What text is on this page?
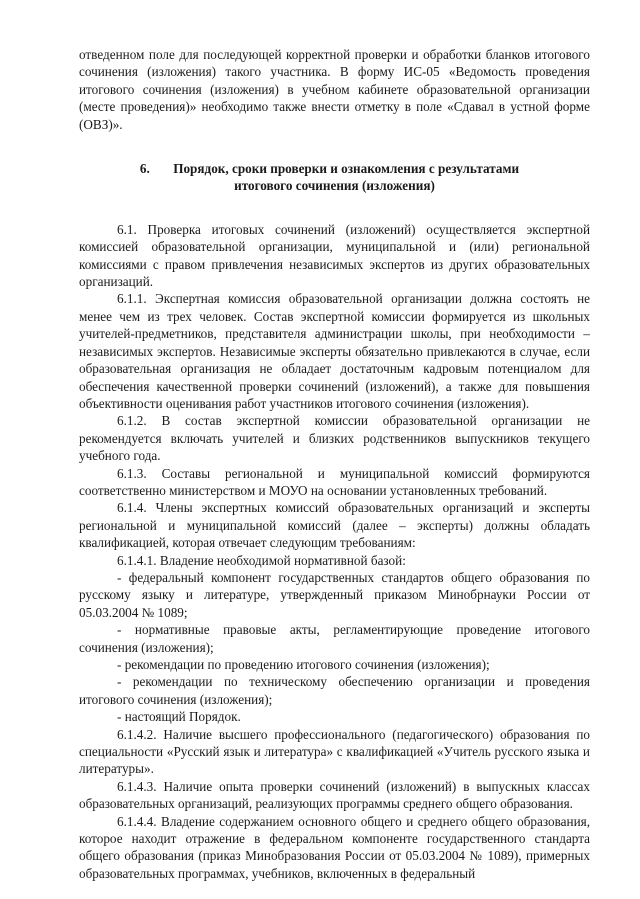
отведенном поле для последующей корректной проверки и обработки бланков итогового сочинения (изложения) такого участника. В форму ИС-05 «Ведомость проведения итогового сочинения (изложения) в учебном кабинете образовательной организации (месте проведения)» необходимо также внести отметку в поле «Сдавал в устной форме (ОВЗ)».

6. Порядок, сроки проверки и ознакомления с результатами
итогового сочинения (изложения)

6.1. Проверка итоговых сочинений (изложений) осуществляется экспертной комиссией образовательной организации, муниципальной и (или) региональной комиссиями с правом привлечения независимых экспертов из других образовательных организаций.

6.1.1. Экспертная комиссия образовательной организации должна состоять не менее чем из трех человек. Состав экспертной комиссии формируется из школьных учителей-предметников, представителя администрации школы, при необходимости – независимых экспертов. Независимые эксперты обязательно привлекаются в случае, если образовательная организация не обладает достаточным кадровым потенциалом для обеспечения качественной проверки сочинений (изложений), а также для повышения объективности оценивания работ участников итогового сочинения (изложения).

6.1.2. В состав экспертной комиссии образовательной организации не рекомендуется включать учителей и близких родственников выпускников текущего учебного года.

6.1.3. Составы региональной и муниципальной комиссий формируются соответственно министерством и МОУО на основании установленных требований.

6.1.4. Члены экспертных комиссий образовательных организаций и эксперты региональной и муниципальной комиссий (далее – эксперты) должны обладать квалификацией, которая отвечает следующим требованиям:

6.1.4.1. Владение необходимой нормативной базой:

- федеральный компонент государственных стандартов общего образования по русскому языку и литературе, утвержденный приказом Минобрнауки России от 05.03.2004 № 1089;

- нормативные правовые акты, регламентирующие проведение итогового сочинения (изложения);

- рекомендации по проведению итогового сочинения (изложения);

- рекомендации по техническому обеспечению организации и проведения итогового сочинения (изложения);

- настоящий Порядок.

6.1.4.2. Наличие высшего профессионального (педагогического) образования по специальности «Русский язык и литература» с квалификацией «Учитель русского языка и литературы».

6.1.4.3. Наличие опыта проверки сочинений (изложений) в выпускных классах образовательных организаций, реализующих программы среднего общего образования.

6.1.4.4. Владение содержанием основного общего и среднего общего образования, которое находит отражение в федеральном компоненте государственного стандарта общего образования (приказ Минобразования России от 05.03.2004 № 1089), примерных образовательных программах, учебников, включенных в федеральный
